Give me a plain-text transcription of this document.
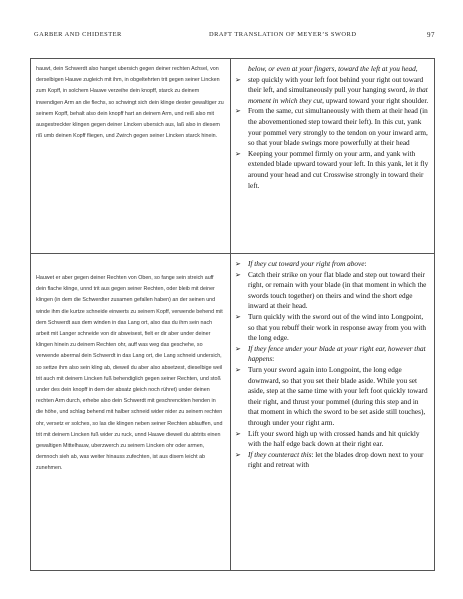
GARBER AND CHIDESTER	DRAFT TRANSLATION OF MEYER’S SWORD	97

hauwt, dein Schwerdt also hanget ubersich gegen deiner rechten Achsel, von derselbigen Hauwe zugleich mit ihm, in obgeltehrten trit gegen seiner Lincken zum Kopff, in solchem Hauwe verzeihe dein knopff, starck zu deinem inwendigen Arm an die flechs, so schwingt sich dein klinge dester gewaltiger zu seinem Kopff, behalt also dein knopff hart an deinem Arm, und reiß also mit ausgestreckter klingen gegen deiner Lincken ubersich aus, laß also in diesem riß umb deinen Kopff fliegen, und Zwirch gegen seiner Lincken starck hinein.

below, or even at your fingers, toward the left at you head,

➢ step quickly with your left foot behind your right out toward their left, and simultaneously pull your hanging sword, in that moment in which they cut, upward toward your right shoulder.
➢ From the same, cut simultaneously with them at their head (in the abovementioned step toward their left). In this cut, yank your pommel very strongly to the tendon on your inward arm, so that your blade swings more powerfully at their head
➢ Keeping your pommel firmly on your arm, and yank with extended blade upward toward your left. In this yank, let it fly around your head and cut Crosswise strongly in toward their left.

Hauwet er aber gegen deiner Rechten von Oben, so fange sein streich auff dein flache klinge, unnd trit aus gegen seiner Rechten, oder bleib mit deiner klingen (in dem die Schwerdter zusamen gefallen haben) an der seinen und winde ihm die kurtze schneide einwerts zu seinem Kopff, verwende behend mit dem Schwerdt aus dem winden in das Lang ort, also das du ihm sein nach arbeit mit Langer schneide von dir abweisest, fielt er dir aber under deiner klingen hinein zu deinem Rechten ohr, auff was weg das geschehe, so verwende abermal dein Schwerdt in das Lang ort, die Lang schneid undersich, so settze ihm also sein kling ab, dieweil du aber also absetzest, dieselbige weil trit auch mit deinem Lincken fuß behendiglich gegen seiner Rechten, und stoß under des dein knopff in dem der absatz gleich noch rühret) under deinen rechten Arm durch, erhebe also dein Schwerdt mit geschrenckten henden in die höhe, und schlag behend mit halber schneid wider nider zu seinem rechten ohr, versetz er solches, so las die klingen neben seiner Rechten ablauffen, und trit mit deinem Lincken fuß wider zu ruck, unnd Hauwe dieweil du abtrits einen gewaltigen Mittelhauw, uberzwerch zu seinem Lincken ohr oder armen, demnoch sieh ab, was weiter hinauss zufechten, ist aus disem leicht ab zunehmen.

➢ If they cut toward your right from above:
➢ Catch their strike on your flat blade and step out toward their right, or remain with your blade (in that moment in which the swords touch together) on theirs and wind the short edge inward at their head.
➢ Turn quickly with the sword out of the wind into Longpoint, so that you rebuff their work in response away from you with the long edge.
➢ If they fence under your blade at your right ear, however that happens:
➢ Turn your sword again into Longpoint, the long edge downward, so that you set their blade aside. While you set aside, step at the same time with your left foot quickly toward their right, and thrust your pommel (during this step and in that moment in which the sword to be set aside still touches), through under your right arm.
➢ Lift your sword high up with crossed hands and hit quickly with the half edge back down at their right ear.
➢ If they counteract this: let the blades drop down next to your right and retreat with
